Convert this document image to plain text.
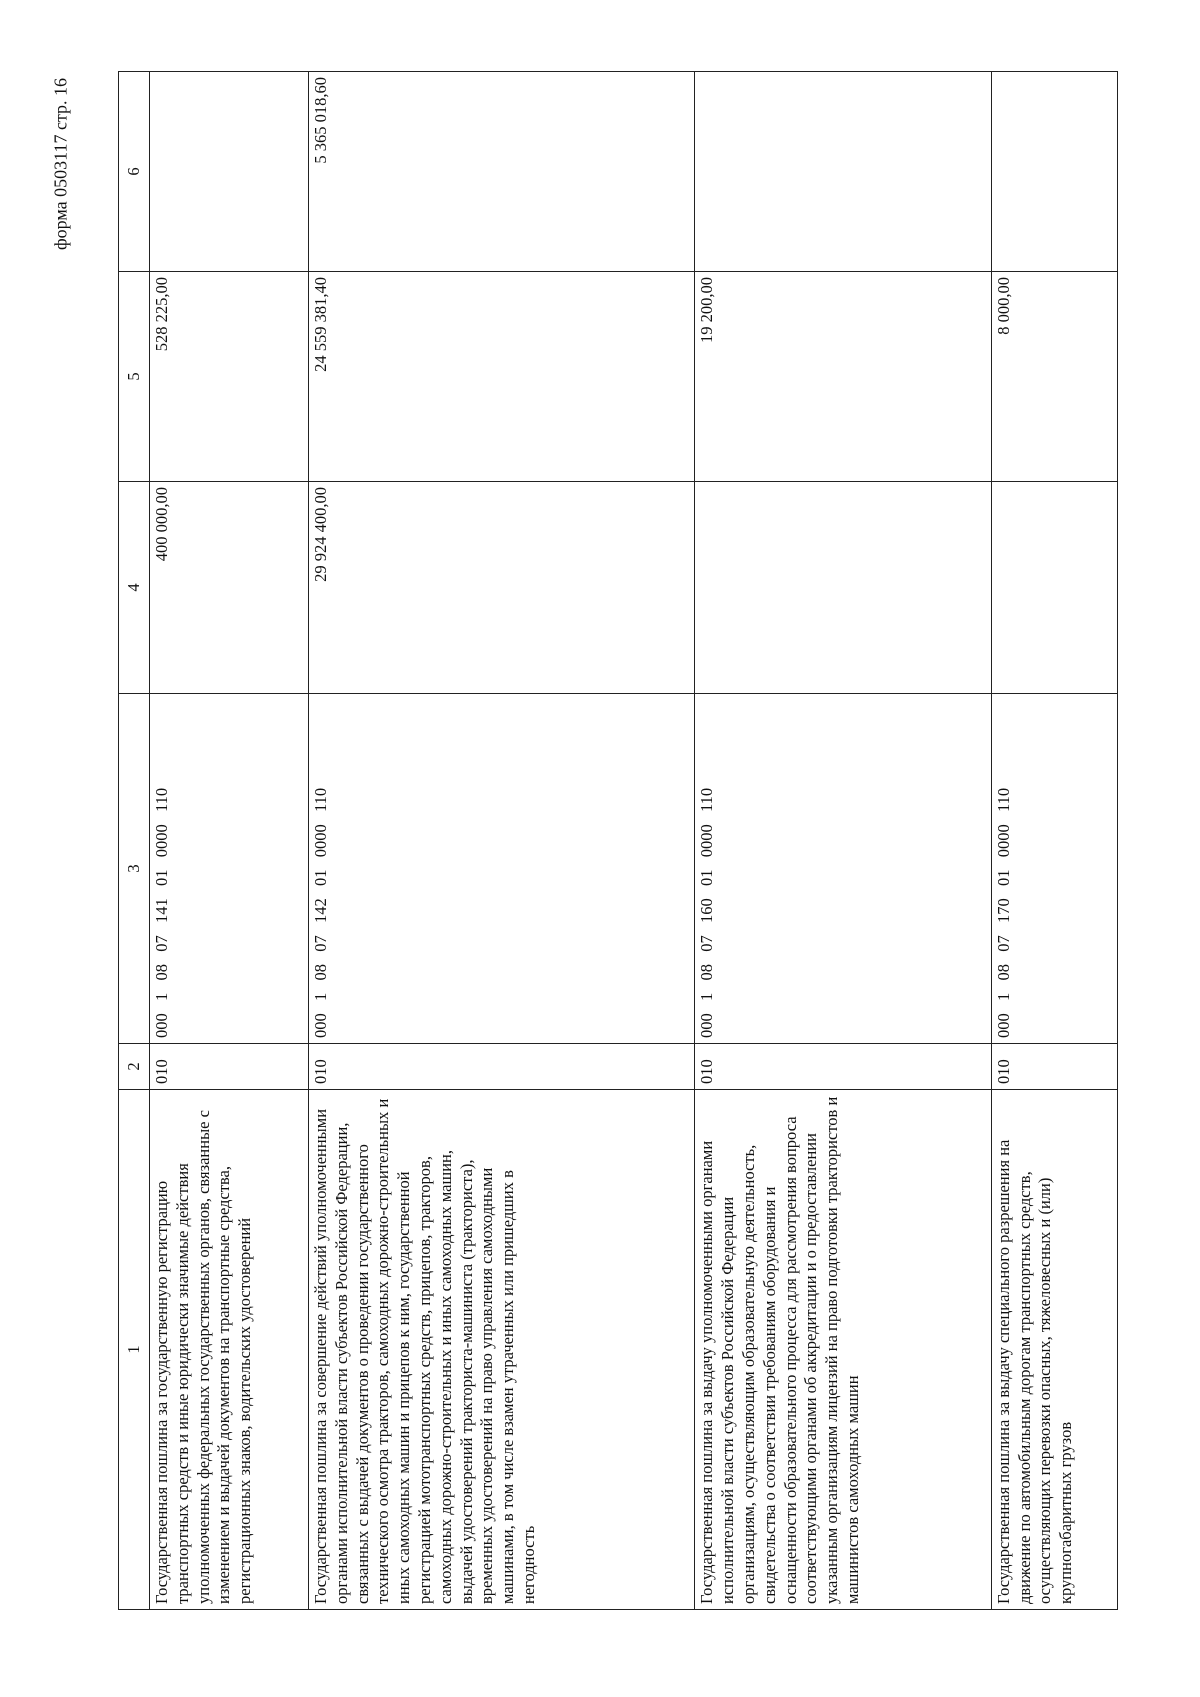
форма 0503117 стр. 16
1	2	3	4	5	6
Государственная пошлина за государственную регистрацию транспортных средств и иные юридически значимые действия уполномоченных федеральных государственных органов, связанные с изменением и выдачей документов на транспортные средства, регистрационных знаков, водительских удостоверений	010	000  1  08  07  141  01  0000  110	400 000,00	528 225,00	
Государственная пошлина за совершение действий уполномоченными органами исполнительной власти субъектов Российской Федерации, связанных с выдачей документов о проведении государственного технического осмотра тракторов, самоходных дорожно-строительных и иных самоходных машин и прицепов к ним, государственной регистрацией мототранспортных средств, прицепов, тракторов, самоходных дорожно-строительных и иных самоходных машин, выдачей удостоверений тракториста-машиниста (тракториста), временных удостоверений на право управления самоходными машинами, в том числе взамен утраченных или пришедших в негодность	010	000  1  08  07  142  01  0000  110	29 924 400,00	24 559 381,40	5 365 018,60
Государственная пошлина за выдачу уполномоченными органами исполнительной власти субъектов Российской Федерации организациям, осуществляющим образовательную деятельность, свидетельства о соответствии требованиям оборудования и оснащенности образовательного процесса для рассмотрения вопроса соответствующими органами об аккредитации и о предоставлении указанным организациям лицензий на право подготовки трактористов и машинистов самоходных машин	010	000  1  08  07  160  01  0000  110		19 200,00	
Государственная пошлина за выдачу специального разрешения на движение по автомобильным дорогам транспортных средств, осуществляющих перевозки опасных, тяжеловесных и (или) крупногабаритных грузов	010	000  1  08  07  170  01  0000  110		8 000,00	
